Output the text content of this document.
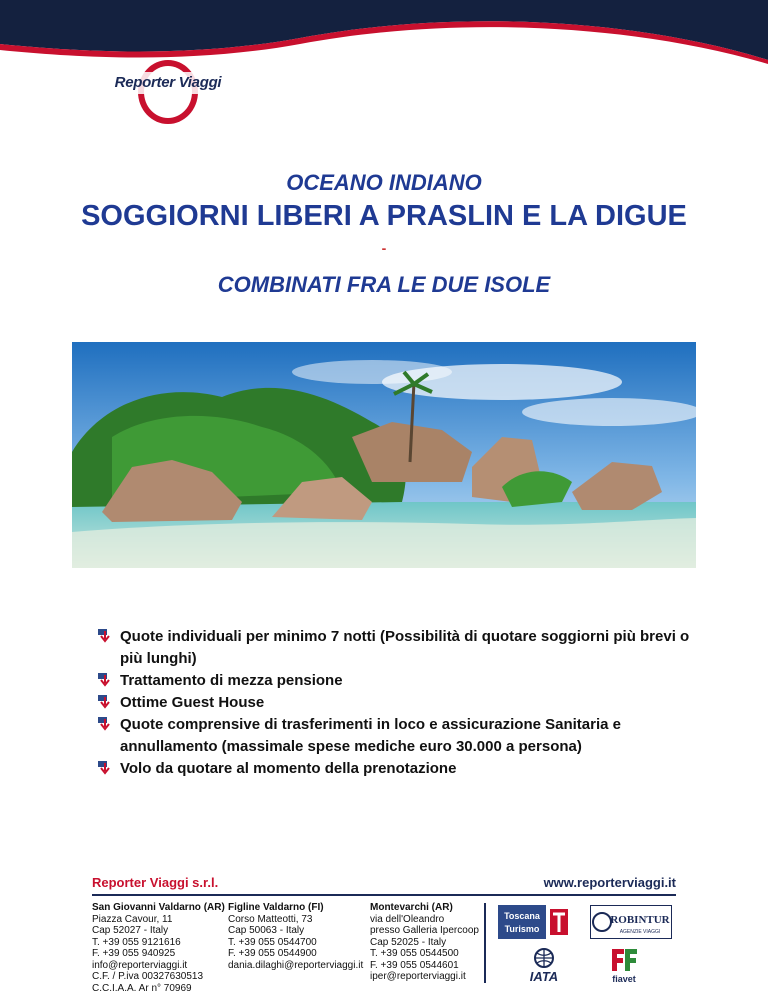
Reporter Viaggi
OCEANO INDIANO
SOGGIORNI LIBERI A PRASLIN E LA DIGUE
-
COMBINATI FRA LE DUE ISOLE
Quote individuali per minimo 7 notti (Possibilità di quotare soggiorni più brevi o più lunghi)
Trattamento di mezza pensione
Ottime Guest House
Quote comprensive di trasferimenti in loco e assicurazione Sanitaria e annullamento (massimale spese mediche euro 30.000 a persona)
Volo da quotare al momento della prenotazione
Reporter Viaggi s.r.l.	www.reporterviaggi.it
San Giovanni Valdarno (AR)
Piazza Cavour, 11
Cap 52027 - Italy
T. +39 055 9121616
F. +39 055 940925
info@reporterviaggi.it
C.F. / P.iva 00327630513
C.C.I.A.A. Ar n° 70969
Figline Valdarno (FI)
Corso Matteotti, 73
Cap 50063 - Italy
T. +39 055 0544700
F. +39 055 0544900
dania.dilaghi@reporterviaggi.it
Montevarchi (AR)
via dell'Oleandro
presso Galleria Ipercoop
Cap 52025 - Italy
T. +39 055 0544500
F. +39 055 0544601
iper@reporterviaggi.it
Toscana
Turismo
ROBINTUR
AGENZIE VIAGGI
IATA	fiavet
